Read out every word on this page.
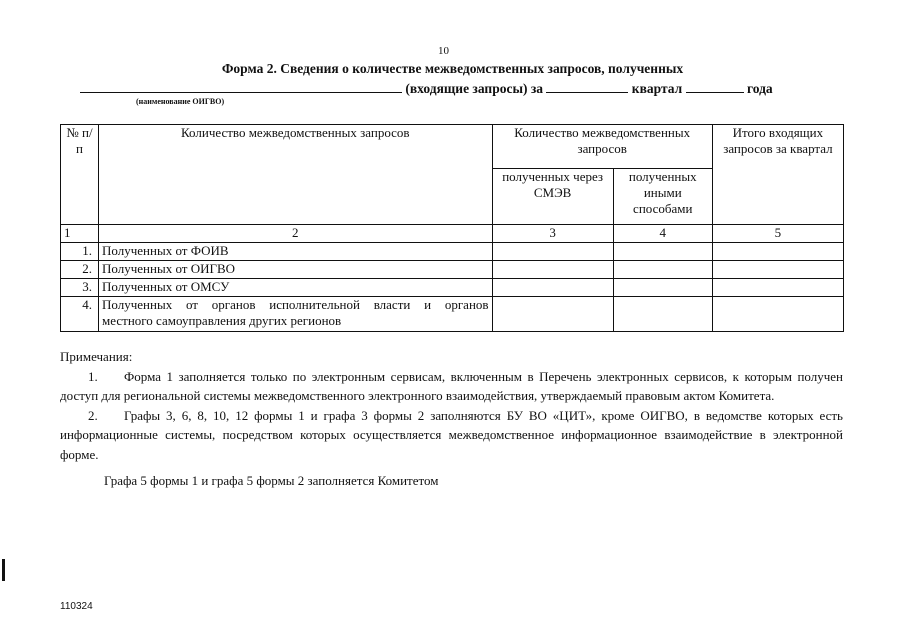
10
Форма 2. Сведения о количестве межведомственных запросов, полученных
(входящие запросы) за	квартал	года
(наименование ОИГВО)
№ п/п	Количество межведомственных запросов	Количество межведомственных запросов		Итого входящих запросов за квартал
		полученных через СМЭВ	полученных иными способами	
1	2	3	4	5
1.	Полученных от ФОИВ			
2.	Полученных от ОИГВО			
3.	Полученных от ОМСУ			
4.	Полученных от органов исполнительной власти и органов
местного самоуправления других регионов			

Примечания:

1. Форма 1 заполняется только по электронным сервисам, включенным в Перечень электронных сервисов, к которым получен доступ для региональной системы межведомственного электронного взаимодействия, утверждаемый правовым актом Комитета.

2. Графы 3, 6, 8, 10, 12 формы 1 и графа 3 формы 2 заполняются БУ ВО «ЦИТ», кроме ОИГВО, в ведомстве которых есть информационные системы, посредством которых осуществляется межведомственное информационное взаимодействие в электронной форме.

Графа 5 формы 1 и графа 5 формы 2 заполняется Комитетом

110324
